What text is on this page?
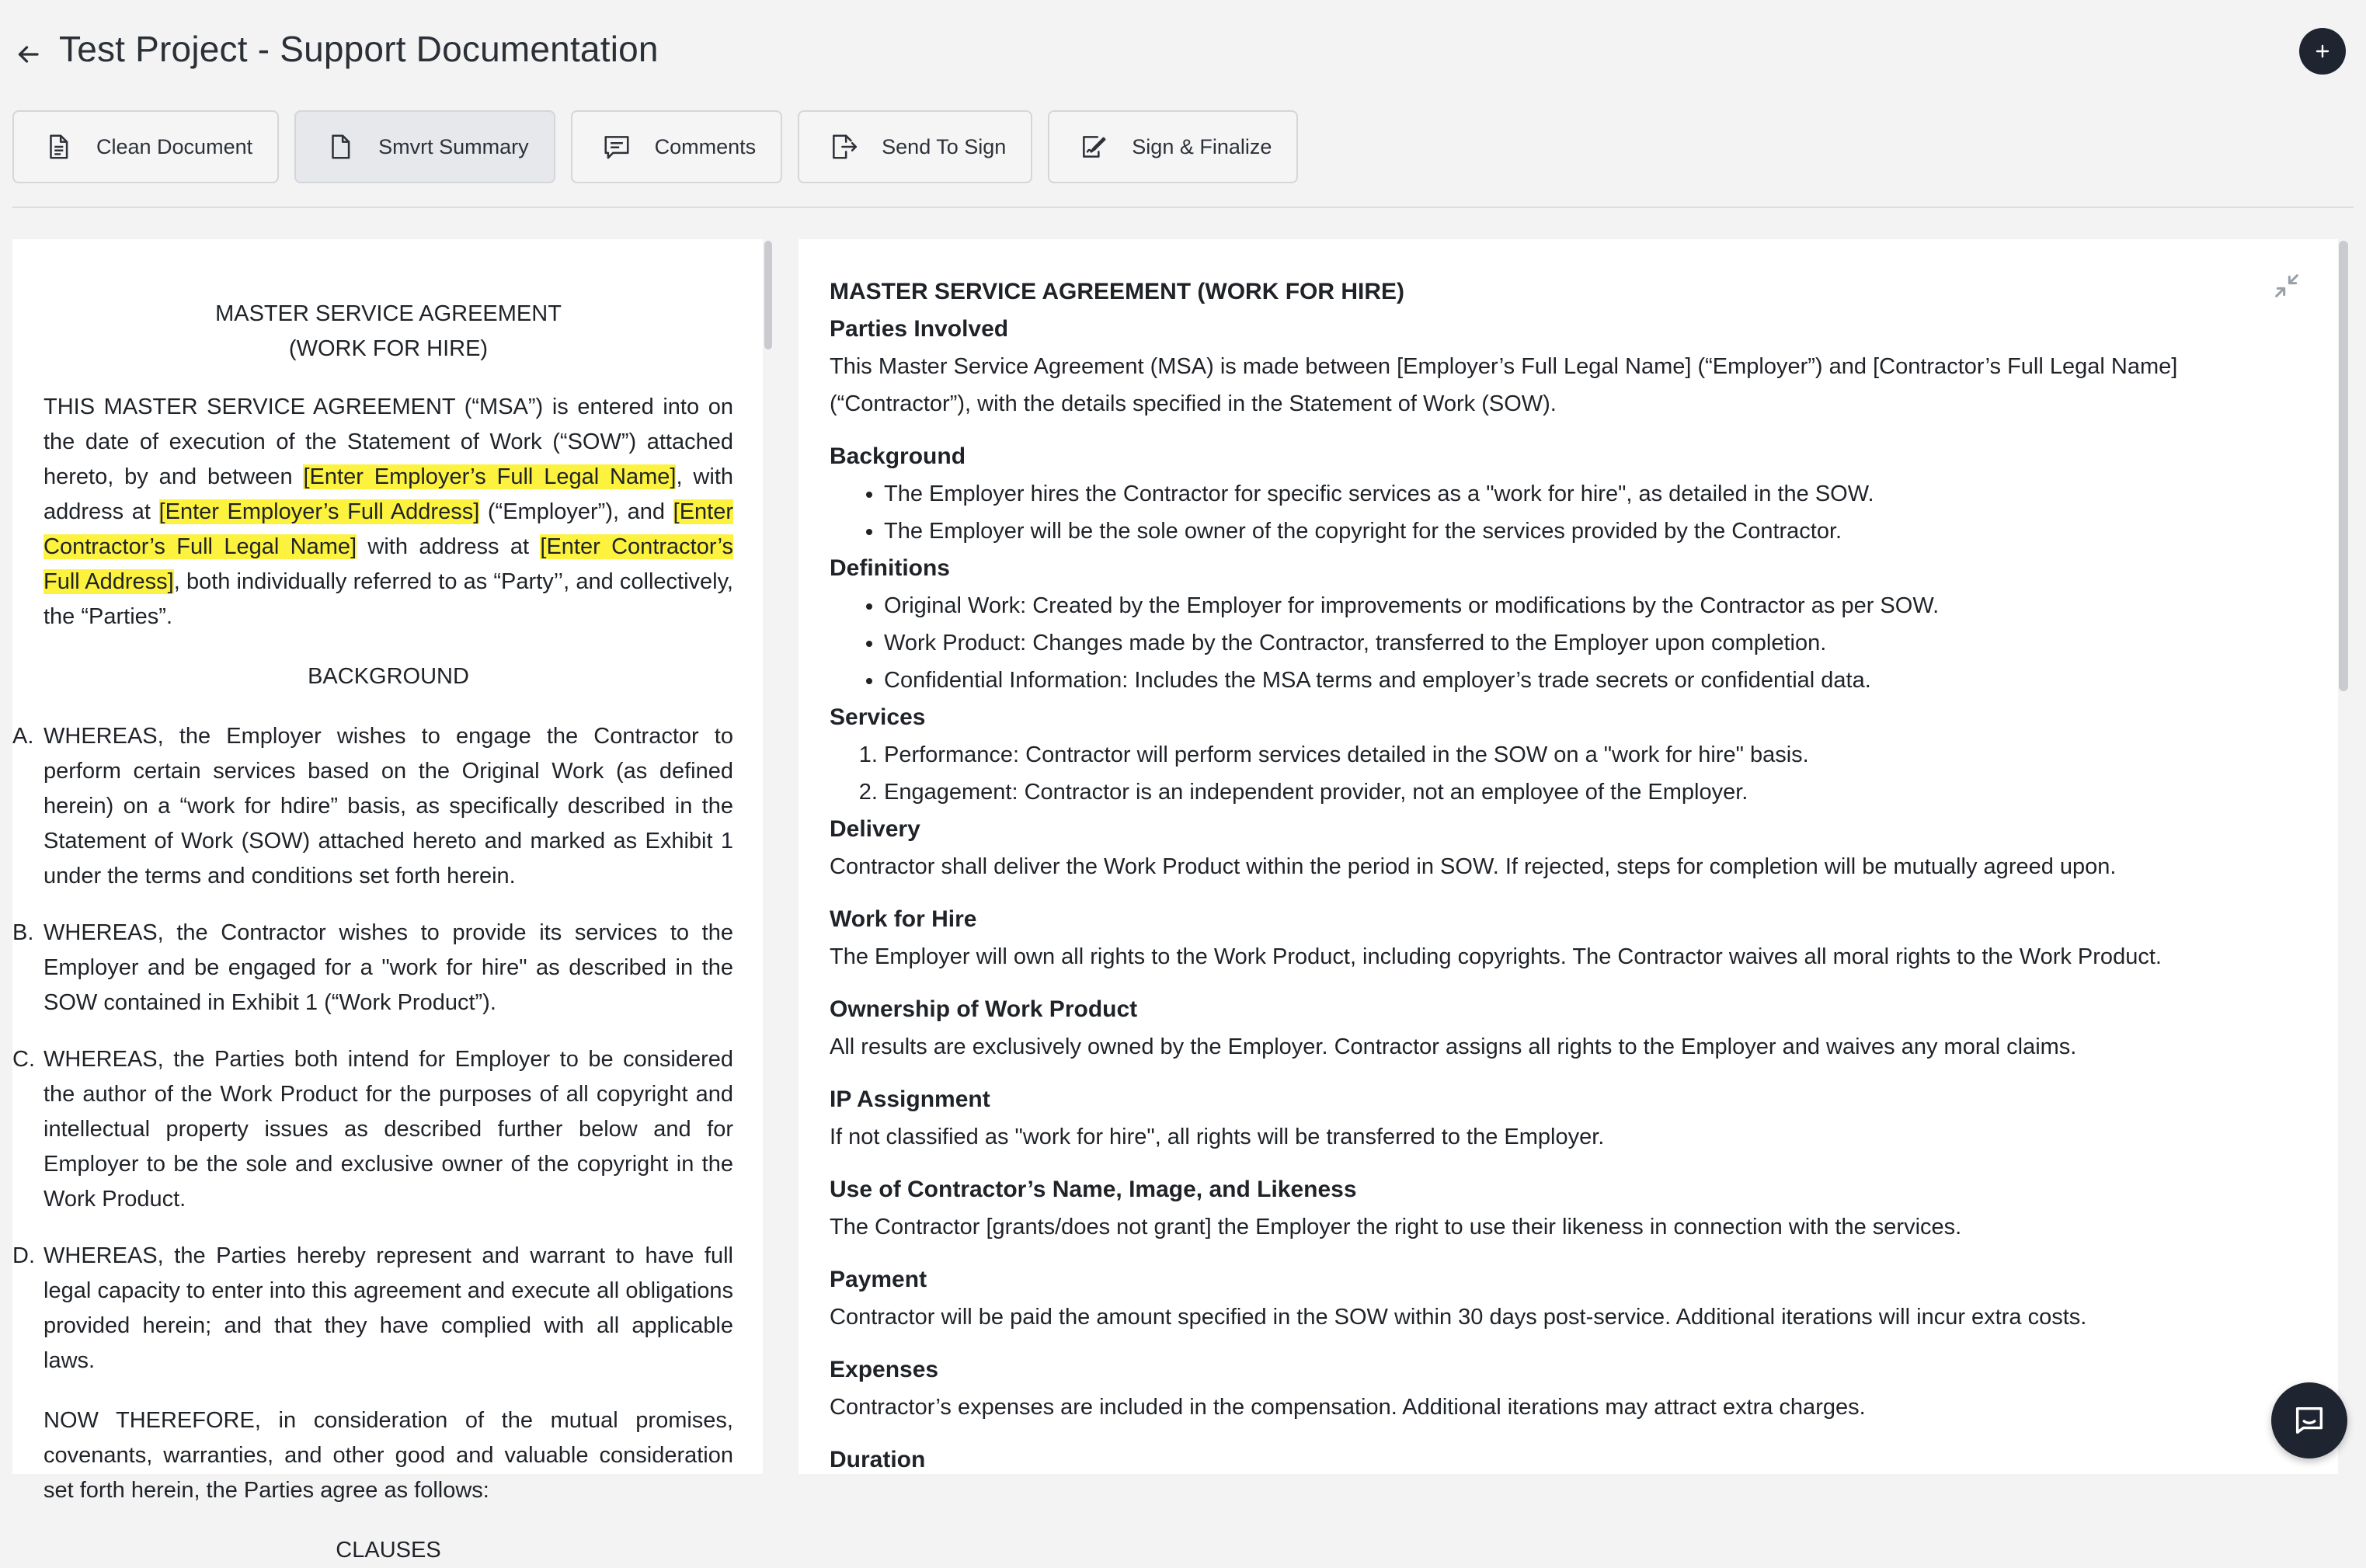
Test Project - Support Documentation
Clean Document	Smvrt Summary	Comments	Send To Sign	Sign & Finalize
MASTER SERVICE AGREEMENT
(WORK FOR HIRE)

THIS MASTER SERVICE AGREEMENT (“MSA”) is entered into on the date of execution of the Statement of Work (“SOW”) attached hereto, by and between [Enter Employer’s Full Legal Name], with address at [Enter Employer’s Full Address] (“Employer”), and [Enter Contractor’s Full Legal Name] with address at [Enter Contractor’s Full Address], both individually referred to as “Party’’, and collectively, the “Parties”.

BACKGROUND
A. WHEREAS, the Employer wishes to engage the Contractor to perform certain services based on the Original Work (as defined herein) on a “work for hdire” basis, as specifically described in the Statement of Work (SOW) attached hereto and marked as Exhibit 1 under the terms and conditions set forth herein.
B. WHEREAS, the Contractor wishes to provide its services to the Employer and be engaged for a "work for hire" as described in the SOW contained in Exhibit 1 (“Work Product”).
C. WHEREAS, the Parties both intend for Employer to be considered the author of the Work Product for the purposes of all copyright and intellectual property issues as described further below and for Employer to be the sole and exclusive owner of the copyright in the Work Product.
D. WHEREAS, the Parties hereby represent and warrant to have full legal capacity to enter into this agreement and execute all obligations provided herein; and that they have complied with all applicable laws.

NOW THEREFORE, in consideration of the mutual promises, covenants, warranties, and other good and valuable consideration set forth herein, the Parties agree as follows:

CLAUSES
MASTER SERVICE AGREEMENT (WORK FOR HIRE)
Parties Involved
This Master Service Agreement (MSA) is made between [Employer’s Full Legal Name] (“Employer”) and [Contractor’s Full Legal Name] (“Contractor”), with the details specified in the Statement of Work (SOW).
Background
• The Employer hires the Contractor for specific services as a "work for hire", as detailed in the SOW.
• The Employer will be the sole owner of the copyright for the services provided by the Contractor.
Definitions
• Original Work: Created by the Employer for improvements or modifications by the Contractor as per SOW.
• Work Product: Changes made by the Contractor, transferred to the Employer upon completion.
• Confidential Information: Includes the MSA terms and employer’s trade secrets or confidential data.
Services
1. Performance: Contractor will perform services detailed in the SOW on a "work for hire" basis.
2. Engagement: Contractor is an independent provider, not an employee of the Employer.
Delivery
Contractor shall deliver the Work Product within the period in SOW. If rejected, steps for completion will be mutually agreed upon.
Work for Hire
The Employer will own all rights to the Work Product, including copyrights. The Contractor waives all moral rights to the Work Product.
Ownership of Work Product
All results are exclusively owned by the Employer. Contractor assigns all rights to the Employer and waives any moral claims.
IP Assignment
If not classified as "work for hire", all rights will be transferred to the Employer.
Use of Contractor’s Name, Image, and Likeness
The Contractor [grants/does not grant] the Employer the right to use their likeness in connection with the services.
Payment
Contractor will be paid the amount specified in the SOW within 30 days post-service. Additional iterations will incur extra costs.
Expenses
Contractor’s expenses are included in the compensation. Additional iterations may attract extra charges.
Duration
